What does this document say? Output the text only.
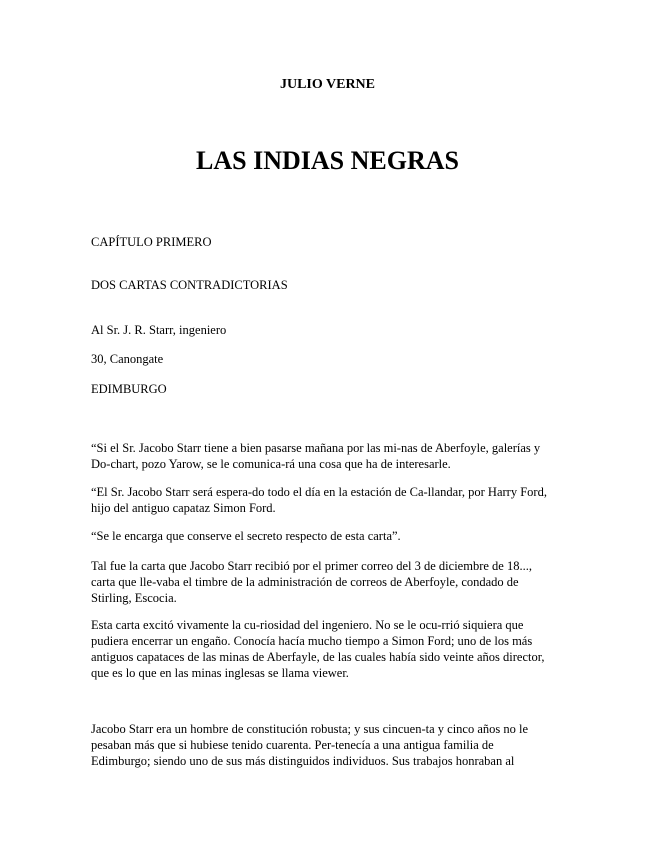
JULIO VERNE
LAS INDIAS NEGRAS
CAPÍTULO PRIMERO
DOS CARTAS CONTRADICTORIAS
Al Sr. J. R. Starr, ingeniero
30, Canongate
EDIMBURGO
“Si el Sr. Jacobo Starr tiene a bien pasarse mañana por las mi-nas de Aberfoyle, galerías y
Do-chart, pozo Yarow, se le comunica-rá una cosa que ha de interesarle.
“El Sr. Jacobo Starr será espera-do todo el día en la estación de Ca-llandar, por Harry Ford,
hijo del antiguo capataz Simon Ford.
“Se le encarga que conserve el secreto respecto de esta carta”.
Tal fue la carta que Jacobo Starr recibió por el primer correo del 3 de diciembre de 18...,
carta que lle-vaba el timbre de la administración de correos de Aberfoyle, condado de
Stirling, Escocia.
Esta carta excitó vivamente la cu-riosidad del ingeniero. No se le ocu-rrió siquiera que
pudiera encerrar un engaño. Conocía hacía mucho tiempo a Simon Ford; uno de los más
antiguos capataces de las minas de Aberfayle, de las cuales había sido veinte años director,
que es lo que en las minas inglesas se llama viewer.
Jacobo Starr era un hombre de constitución robusta; y sus cincuen-ta y cinco años no le
pesaban más que si hubiese tenido cuarenta. Per-tenecía a una antigua familia de
Edimburgo; siendo uno de sus más distinguidos individuos. Sus trabajos honraban al
